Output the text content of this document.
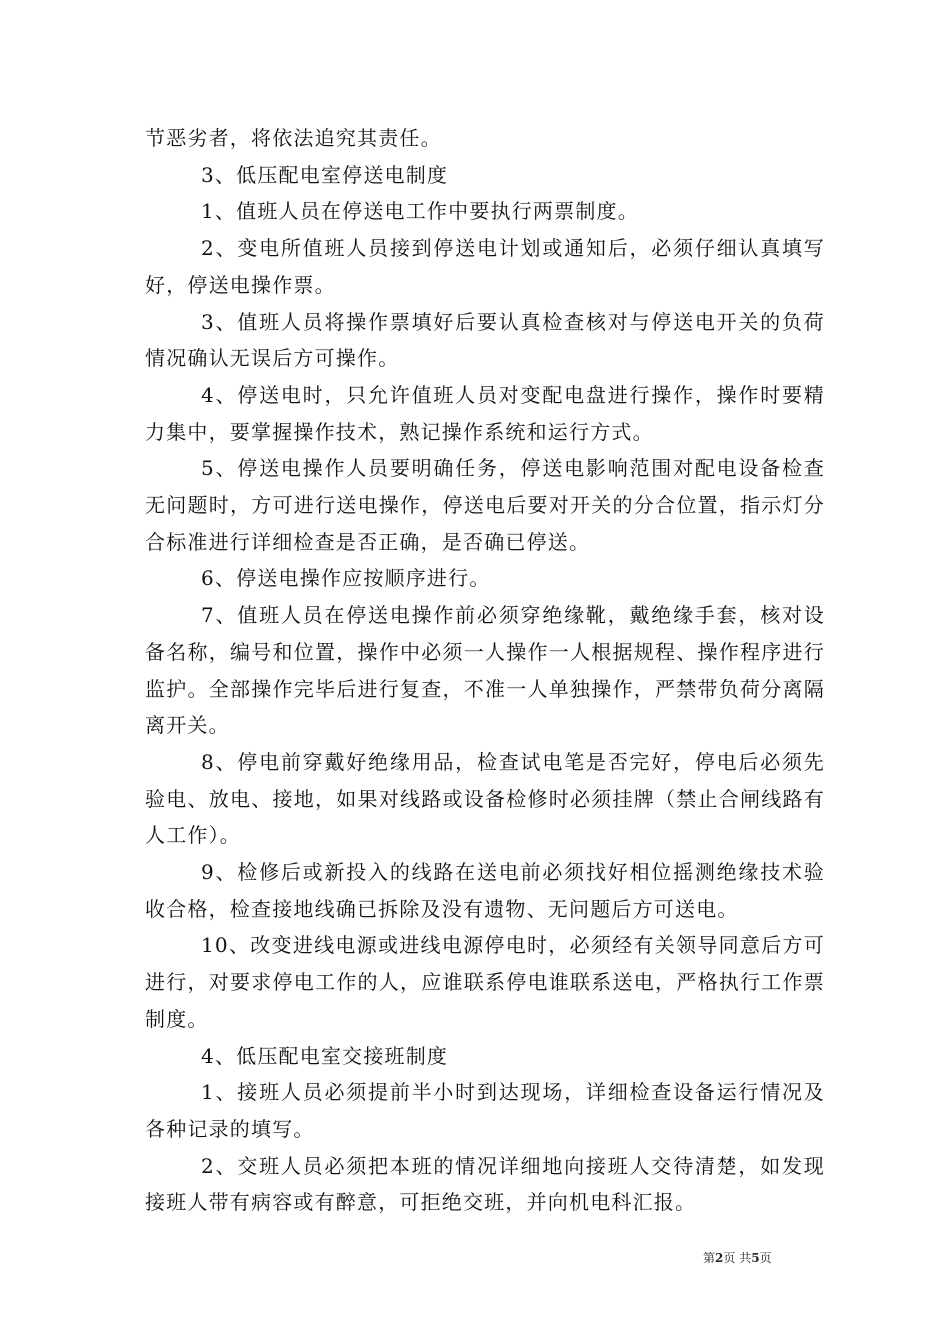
节恶劣者，将依法追究其责任。

3、低压配电室停送电制度

1、值班人员在停送电工作中要执行两票制度。

2、变电所值班人员接到停送电计划或通知后，必须仔细认真填写好，停送电操作票。

3、值班人员将操作票填好后要认真检查核对与停送电开关的负荷情况确认无误后方可操作。

4、停送电时，只允许值班人员对变配电盘进行操作，操作时要精力集中，要掌握操作技术，熟记操作系统和运行方式。

5、停送电操作人员要明确任务，停送电影响范围对配电设备检查无问题时，方可进行送电操作，停送电后要对开关的分合位置，指示灯分合标准进行详细检查是否正确，是否确已停送。

6、停送电操作应按顺序进行。

7、值班人员在停送电操作前必须穿绝缘靴，戴绝缘手套，核对设备名称，编号和位置，操作中必须一人操作一人根据规程、操作程序进行监护。全部操作完毕后进行复查，不准一人单独操作，严禁带负荷分离隔离开关。

8、停电前穿戴好绝缘用品，检查试电笔是否完好，停电后必须先验电、放电、接地，如果对线路或设备检修时必须挂牌（禁止合闸线路有人工作）。

9、检修后或新投入的线路在送电前必须找好相位摇测绝缘技术验收合格，检查接地线确已拆除及没有遗物、无问题后方可送电。

10、改变进线电源或进线电源停电时，必须经有关领导同意后方可进行，对要求停电工作的人，应谁联系停电谁联系送电，严格执行工作票制度。

4、低压配电室交接班制度

1、接班人员必须提前半小时到达现场，详细检查设备运行情况及各种记录的填写。

2、交班人员必须把本班的情况详细地向接班人交待清楚，如发现接班人带有病容或有醉意，可拒绝交班，并向机电科汇报。

第2页 共5页
